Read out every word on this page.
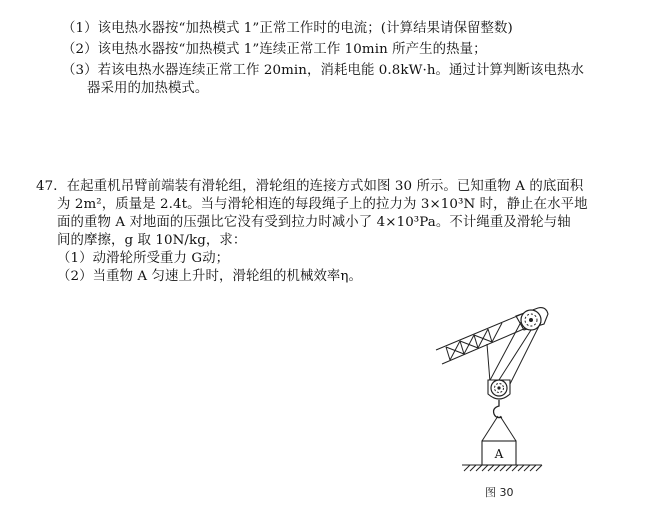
（1）该电热水器按“加热模式 1”正常工作时的电流；(计算结果请保留整数)
（2）该电热水器按“加热模式 1”连续正常工作 10min 所产生的热量；
（3）若该电热水器连续正常工作 20min，消耗电能 0.8kW·h。通过计算判断该电热水
器采用的加热模式。
47．在起重机吊臂前端装有滑轮组，滑轮组的连接方式如图 30 所示。已知重物 A 的底面积
为 2m²，质量是 2.4t。当与滑轮相连的每段绳子上的拉力为 3×10³N 时，静止在水平地
面的重物 A 对地面的压强比它没有受到拉力时减小了 4×10³Pa。不计绳重及滑轮与轴
间的摩擦，g 取 10N/kg，求：
（1）动滑轮所受重力 G动；
（2）当重物 A 匀速上升时，滑轮组的机械效率η。
A
图 30
